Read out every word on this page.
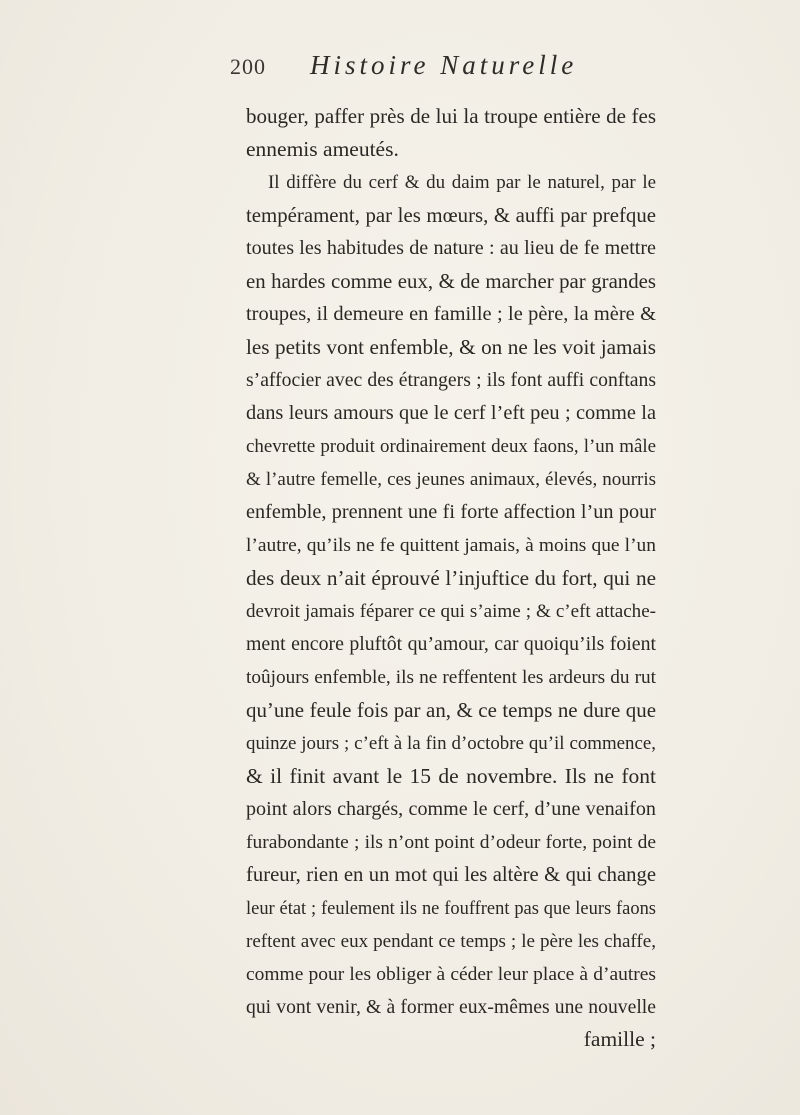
200 Histoire Naturelle
bouger, paffer près de lui la troupe entière de fes
ennemis ameutés.
Il diffère du cerf & du daim par le naturel, par le
tempérament, par les mœurs, & auffi par prefque
toutes les habitudes de nature : au lieu de fe mettre
en hardes comme eux, & de marcher par grandes
troupes, il demeure en famille ; le père, la mère &
les petits vont enfemble, & on ne les voit jamais
s’affocier avec des étrangers ; ils font auffi conftans
dans leurs amours que le cerf l’eft peu ; comme la
chevrette produit ordinairement deux faons, l’un mâle
& l’autre femelle, ces jeunes animaux, élevés, nourris
enfemble, prennent une fi forte affection l’un pour
l’autre, qu’ils ne fe quittent jamais, à moins que l’un
des deux n’ait éprouvé l’injuftice du fort, qui ne
devroit jamais féparer ce qui s’aime ; & c’eft attache-
ment encore pluftôt qu’amour, car quoiqu’ils foient
toûjours enfemble, ils ne reffentent les ardeurs du rut
qu’une feule fois par an, & ce temps ne dure que
quinze jours ; c’eft à la fin d’octobre qu’il commence,
& il finit avant le 15 de novembre. Ils ne font
point alors chargés, comme le cerf, d’une venaifon
furabondante ; ils n’ont point d’odeur forte, point de
fureur, rien en un mot qui les altère & qui change
leur état ; feulement ils ne fouffrent pas que leurs faons
reftent avec eux pendant ce temps ; le père les chaffe,
comme pour les obliger à céder leur place à d’autres
qui vont venir, & à former eux-mêmes une nouvelle
famille ;
